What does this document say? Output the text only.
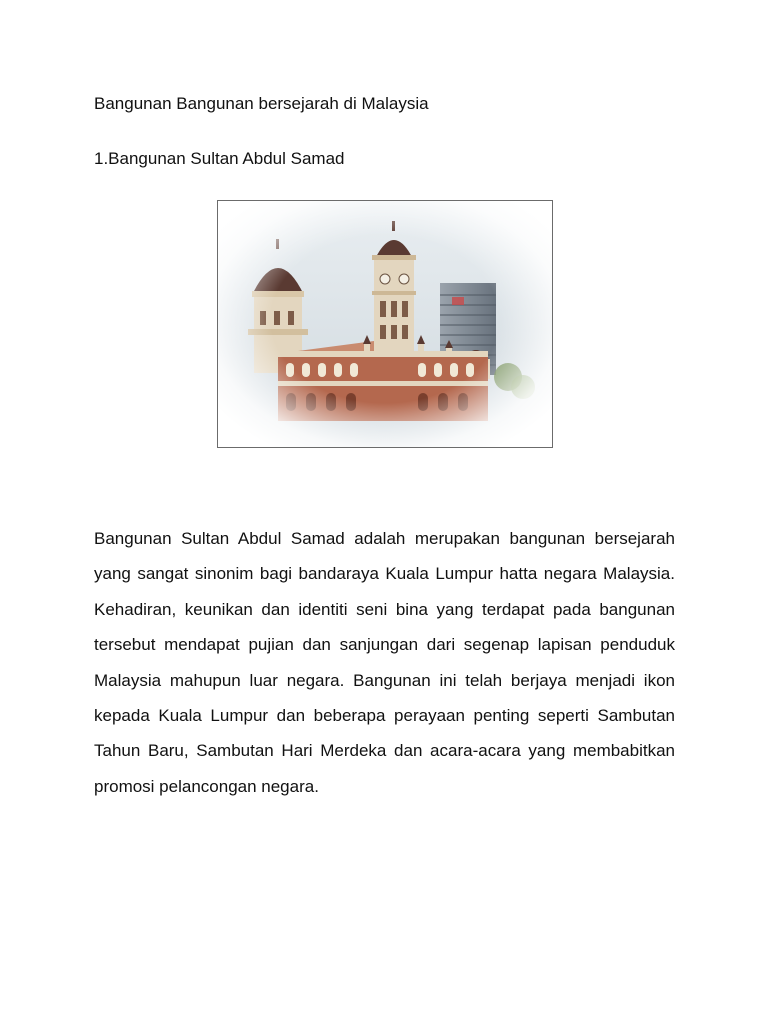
Bangunan Bangunan bersejarah di Malaysia

1.Bangunan Sultan Abdul Samad

Bangunan Sultan Abdul Samad adalah merupakan bangunan bersejarah yang sangat sinonim bagi bandaraya Kuala Lumpur hatta negara Malaysia. Kehadiran, keunikan dan identiti seni bina yang terdapat pada bangunan tersebut mendapat pujian dan sanjungan dari segenap lapisan penduduk Malaysia mahupun luar negara. Bangunan ini telah berjaya menjadi ikon kepada Kuala Lumpur dan beberapa perayaan penting seperti Sambutan Tahun Baru, Sambutan Hari Merdeka dan acara-acara yang membabitkan promosi pelancongan negara.
